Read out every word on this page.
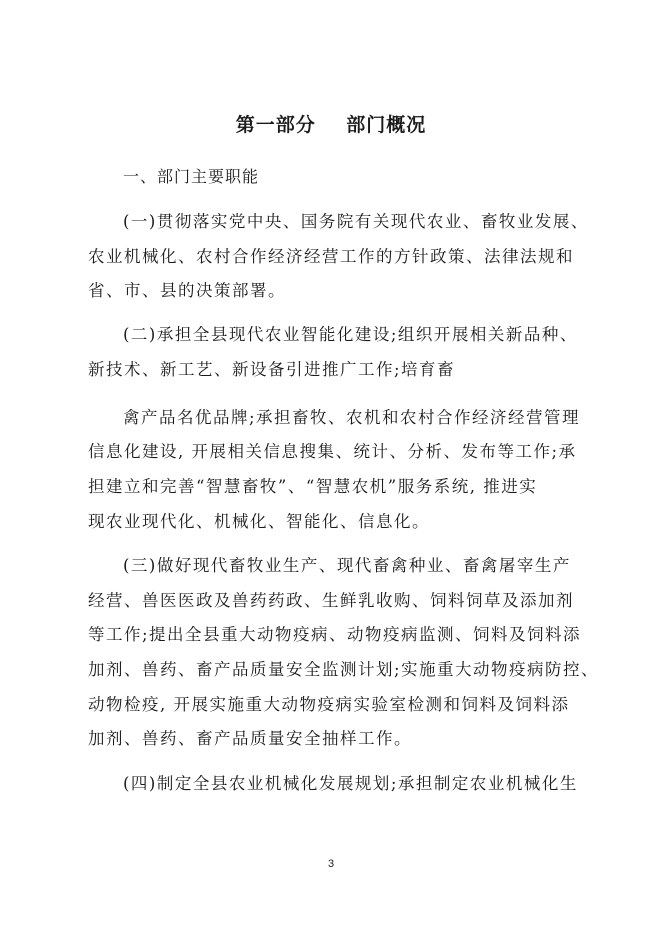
第一部分    部门概况
一、部门主要职能
(一)贯彻落实党中央、国务院有关现代农业、畜牧业发展、
农业机械化、农村合作经济经营工作的方针政策、法律法规和
省、市、县的决策部署。
(二)承担全县现代农业智能化建设;组织开展相关新品种、
新技术、新工艺、新设备引进推广工作;培育畜
禽产品名优品牌;承担畜牧、农机和农村合作经济经营管理
信息化建设, 开展相关信息搜集、统计、分析、发布等工作;承
担建立和完善“智慧畜牧”、“智慧农机”服务系统, 推进实
现农业现代化、机械化、智能化、信息化。
(三)做好现代畜牧业生产、现代畜禽种业、畜禽屠宰生产
经营、兽医医政及兽药药政、生鲜乳收购、饲料饲草及添加剂
等工作;提出全县重大动物疫病、动物疫病监测、饲料及饲料添
加剂、兽药、畜产品质量安全监测计划;实施重大动物疫病防控、
动物检疫, 开展实施重大动物疫病实验室检测和饲料及饲料添
加剂、兽药、畜产品质量安全抽样工作。
(四)制定全县农业机械化发展规划;承担制定农业机械化生
3
